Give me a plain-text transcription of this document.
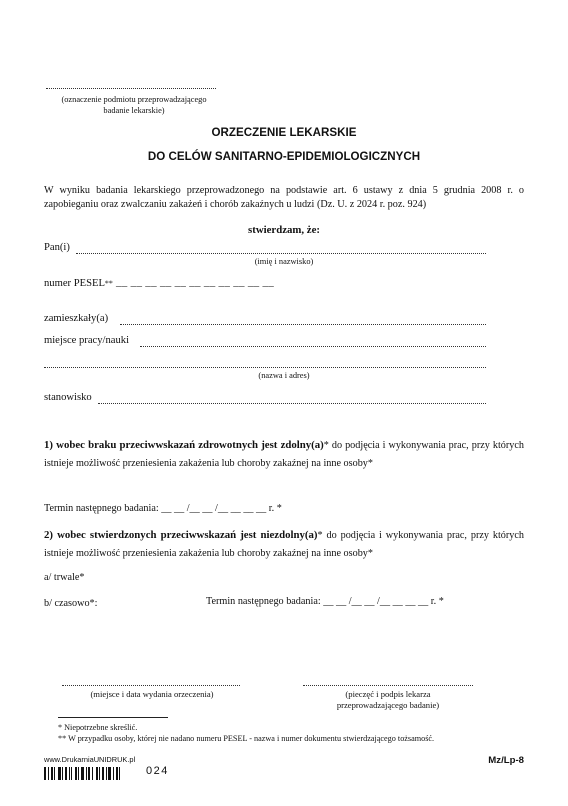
(oznaczenie podmiotu przeprowadzającego
badanie lekarskie)
ORZECZENIE LEKARSKIE
DO CELÓW SANITARNO-EPIDEMIOLOGICZNYCH
W wyniku badania lekarskiego przeprowadzonego na podstawie art. 6 ustawy z dnia 5 grudnia 2008 r. o zapobieganiu oraz zwalczaniu zakażeń i chorób zakaźnych u ludzi (Dz. U. z 2024 r. poz. 924)
stwierdzam, że:
Pan(i)
(imię i nazwisko)
numer PESEL** __ __ __ __ __ __ __ __ __ __ __
zamieszkały(a)
miejsce pracy/nauki
(nazwa i adres)
stanowisko
1) wobec braku przeciwwskazań zdrowotnych jest zdolny(a)* do podjęcia i wykonywania prac, przy których istnieje możliwość przeniesienia zakażenia lub choroby zakaźnej na inne osoby*
Termin następnego badania: __ __ /__ __ /__ __ __ __ r. *
2) wobec stwierdzonych przeciwwskazań jest niezdolny(a)* do podjęcia i wykonywania prac, przy których istnieje możliwość przeniesienia zakażenia lub choroby zakaźnej na inne osoby*
a/ trwale*
b/ czasowo*:	Termin następnego badania: __ __ /__ __ /__ __ __ __ r. *
(miejsce i data wydania orzeczenia)	(pieczęć i podpis lekarza
przeprowadzającego badanie)
* Niepotrzebne skreślić.
** W przypadku osoby, której nie nadano numeru PESEL - nazwa i numer dokumentu stwierdzającego tożsamość.
www.DrukarniaUNIDRUK.pl
024
Mz/Lp-8
